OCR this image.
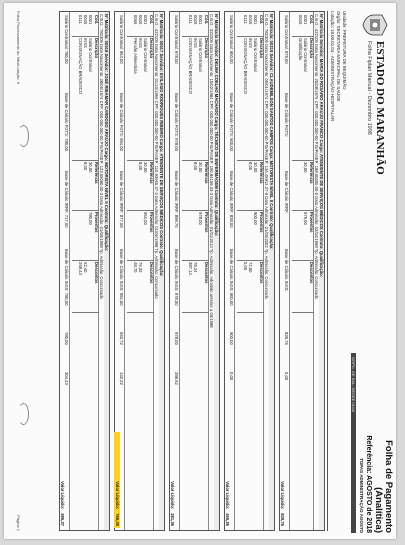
ESTADO DO MARANHÃO
Folha Fiplan Manual - Dezembro 1998
Folha de Pagamento (Analítica)
Referência: AGOSTO de 2018
TOPAS ADMINISTRAÇÃO AGOSTO
GRPO. DE SAL: DESDE 01/1/I
Unidade: PREFEITURA DE BEQUIMÃO
Órgão: SECRETARIA MUNICIPAL DE SAÚDE
Lotação: 18.00.01.04 - ADMINISTRAÇÃO HOSPITALAR
Nº Matrícula Servidor: MARIA DO ROSÁRIO ARAÚJO FRANCO Cargo: ATENDENTE DE SERVIÇOS MÉDICOS Contrato: Qualificação:
C.B.O.: 422105 Data Nascimento: 20/08/1976 CPF: 000.000.000-00 PIS/PASEP: 188.00000.00-0 Data Admissão: 02/04/1998 Tp. Admissão: Concursado
Cód.
Descrição
Referência
Proventos
Descontos
0001
Salário Contratual
30,00
979,00
0045
Gratificação
Salário Contratual: 979,00
Base de Cálculo FGTS:
Base de Cálculo IRRF:
Base de Cálculo INSS:
839,76
0,00
Valor Líquido:839,76
Nº Matrícula: 00219 Servidor: CLAUDEMILSON SANTOS CAMPOS Cargo: MOTORISTA NÍVEL II Contrato: Qualificação:
C.B.O.: 782305 Data Nascimento: 05/01/1974 CPF: 000.000.000-00 PIS/PASEP: 136.45912.37-9 Data Admissão: 01/05/2002 Tp. Admissão: Concursado
Cód.
Descrição
Referência
Proventos
Descontos
0001
Salário Contratual
30,00
900,00
0045
INSS
8,00
72,00
0111
CONSIGNAÇÃO BRADESCO
0,00
Salário Contratual: 900,00
Base de Cálculo FGTS: 900,00
Base de Cálculo IRRF: 828,00
Base de Cálculo INSS: 900,00
900,00
0,00
Valor Líquido:455,26
Nº Matrícula Servidor: DELMA COELHO MACHADO Cargo: TÉCNICO DE ENFERMAGEM Contrato: Qualificação:
C.B.O.: 322205 Data Nascimento: 15/02/1984 CPF: 000.000.000-00 PIS/PASEP: 190.84159.33-3 Data Admissão: 01/01/2013 Tp. Admissão: Admitido anterior a 05/1988
Cód.
Descrição
Referência
Proventos
Descontos
0001
Salário Contratual
30,00
978,00
0045
INSS
8,00
78,24
0111
CONSIGNAÇÃO BRADESCO
387,14
Salário Contratual: 978,00
Base de Cálculo FGTS: 978,00
Base de Cálculo IRRF: 899,76
Base de Cálculo INSS: 978,00
978,00
398,62
Valor Líquido:281,36
Nº Matrícula: 00517 Servidor: EVILÁSIO RODRIGUES RIBEIRO Cargo: ATENDENTE DE SERVIÇOS MÉDICOS Contrato: Qualificação:
C.B.O.: 422105 Data Nascimento: 01/10/1965 CPF: 000.000.000-00 PIS/PASEP: 110.93665.37-3 Data Admissão: 01/06/1998 Tp. Admissão: Concursado
Cód.
Descrição
Referência
Proventos
Descontos
0001
Salário Contratual
30,00
954,00
0045
INSS
8,00
76,32
0066
Pensão Alimentícia
48,70
Salário Contratual: 954,00
Base de Cálculo FGTS: 954,00
Base de Cálculo IRRF: 877,68
Base de Cálculo INSS: 954,00
940,72
132,22
Valor Líquido:766,49
Nº Matrícula: 00518 Servidor: JOSÉ RIBAMAR CARDOSO ARAÚJO Cargo: MOTORISTA NÍVEL II Contrato: Qualificação:
C.B.O.: 782305 Data Nascimento: 28/06/1974 CPF: 000.000.000-00 PIS/PASEP: 123.55090.00-3 Data Admissão: 01/06/1998 Tp. Admissão: Concursado
Cód.
Descrição
Referência
Proventos
Descontos
0001
Salário Contratual
30,00
780,00
0045
INSS
8,00
62,40
0111
CONSIGNAÇÃO BRADESCO
268,43
Salário Contratual: 780,00
Base de Cálculo FGTS: 780,00
Base de Cálculo IRRF: 717,60
Base de Cálculo INSS: 780,00
780,00
304,43
Valor Líquido:385,37
Folha Processamento do Mês/Lotação: 6
Página 1
